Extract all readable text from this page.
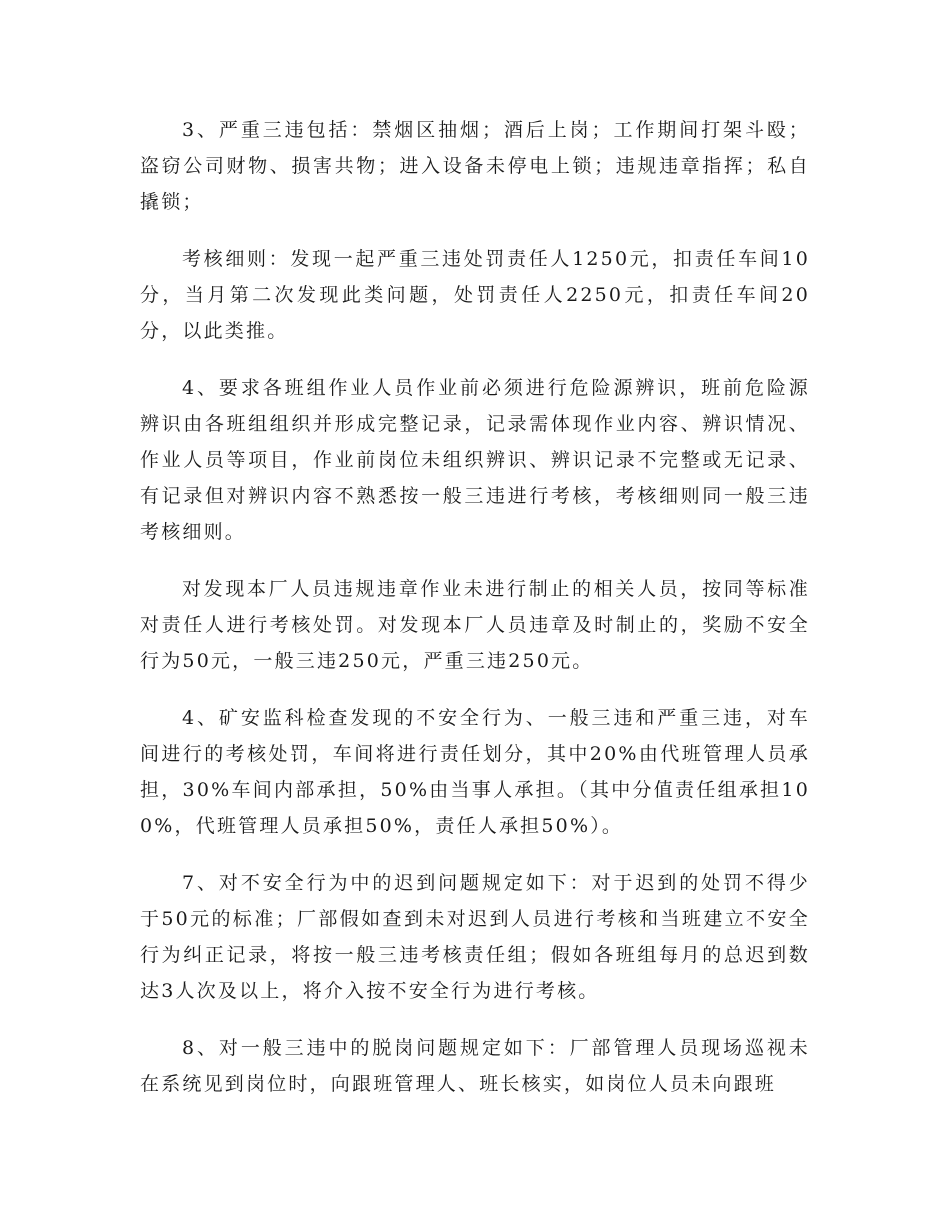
3、严重三违包括：禁烟区抽烟；酒后上岗；工作期间打架斗殴；盗窃公司财物、损害共物；进入设备未停电上锁；违规违章指挥；私自撬锁；

考核细则：发现一起严重三违处罚责任人1250元，扣责任车间10分，当月第二次发现此类问题，处罚责任人2250元，扣责任车间20分，以此类推。

4、要求各班组作业人员作业前必须进行危险源辨识，班前危险源辨识由各班组组织并形成完整记录，记录需体现作业内容、辨识情况、作业人员等项目，作业前岗位未组织辨识、辨识记录不完整或无记录、有记录但对辨识内容不熟悉按一般三违进行考核，考核细则同一般三违考核细则。

对发现本厂人员违规违章作业未进行制止的相关人员，按同等标准对责任人进行考核处罚。对发现本厂人员违章及时制止的，奖励不安全行为50元，一般三违250元，严重三违250元。

4、矿安监科检查发现的不安全行为、一般三违和严重三违，对车间进行的考核处罚，车间将进行责任划分，其中20%由代班管理人员承担，30%车间内部承担，50%由当事人承担。（其中分值责任组承担100%，代班管理人员承担50%，责任人承担50%）。

7、对不安全行为中的迟到问题规定如下：对于迟到的处罚不得少于50元的标准；厂部假如查到未对迟到人员进行考核和当班建立不安全行为纠正记录，将按一般三违考核责任组；假如各班组每月的总迟到数达3人次及以上，将介入按不安全行为进行考核。

8、对一般三违中的脱岗问题规定如下：厂部管理人员现场巡视未在系统见到岗位时，向跟班管理人、班长核实，如岗位人员未向跟班
